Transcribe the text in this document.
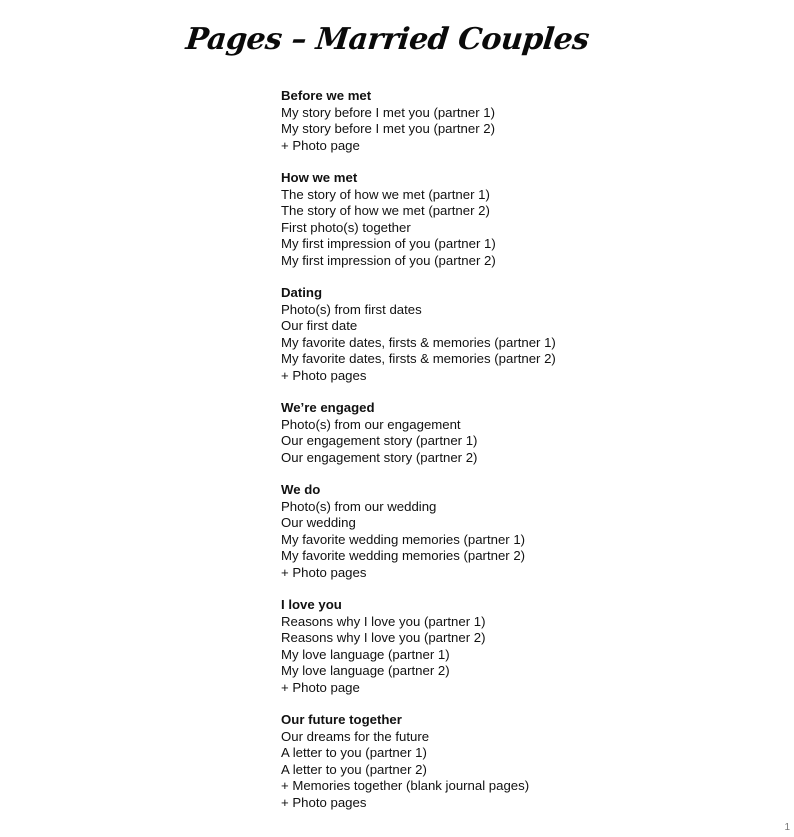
Pages – Married Couples

Before we met

My story before I met you (partner 1)

My story before I met you (partner 2)

+ Photo page

How we met

The story of how we met (partner 1)

The story of how we met (partner 2)

First photo(s) together

My first impression of you (partner 1)

My first impression of you (partner 2)

Dating

Photo(s) from first dates

Our first date

My favorite dates, firsts & memories (partner 1)

My favorite dates, firsts & memories (partner 2)

+ Photo pages

We’re engaged

Photo(s) from our engagement

Our engagement story (partner 1)

Our engagement story (partner 2)

We do

Photo(s) from our wedding

Our wedding

My favorite wedding memories (partner 1)

My favorite wedding memories (partner 2)

+ Photo pages

I love you

Reasons why I love you (partner 1)

Reasons why I love you (partner 2)

My love language (partner 1)

My love language (partner 2)

+ Photo page

Our future together

Our dreams for the future

A letter to you (partner 1)

A letter to you (partner 2)

+ Memories together (blank journal pages)

+ Photo pages

1
